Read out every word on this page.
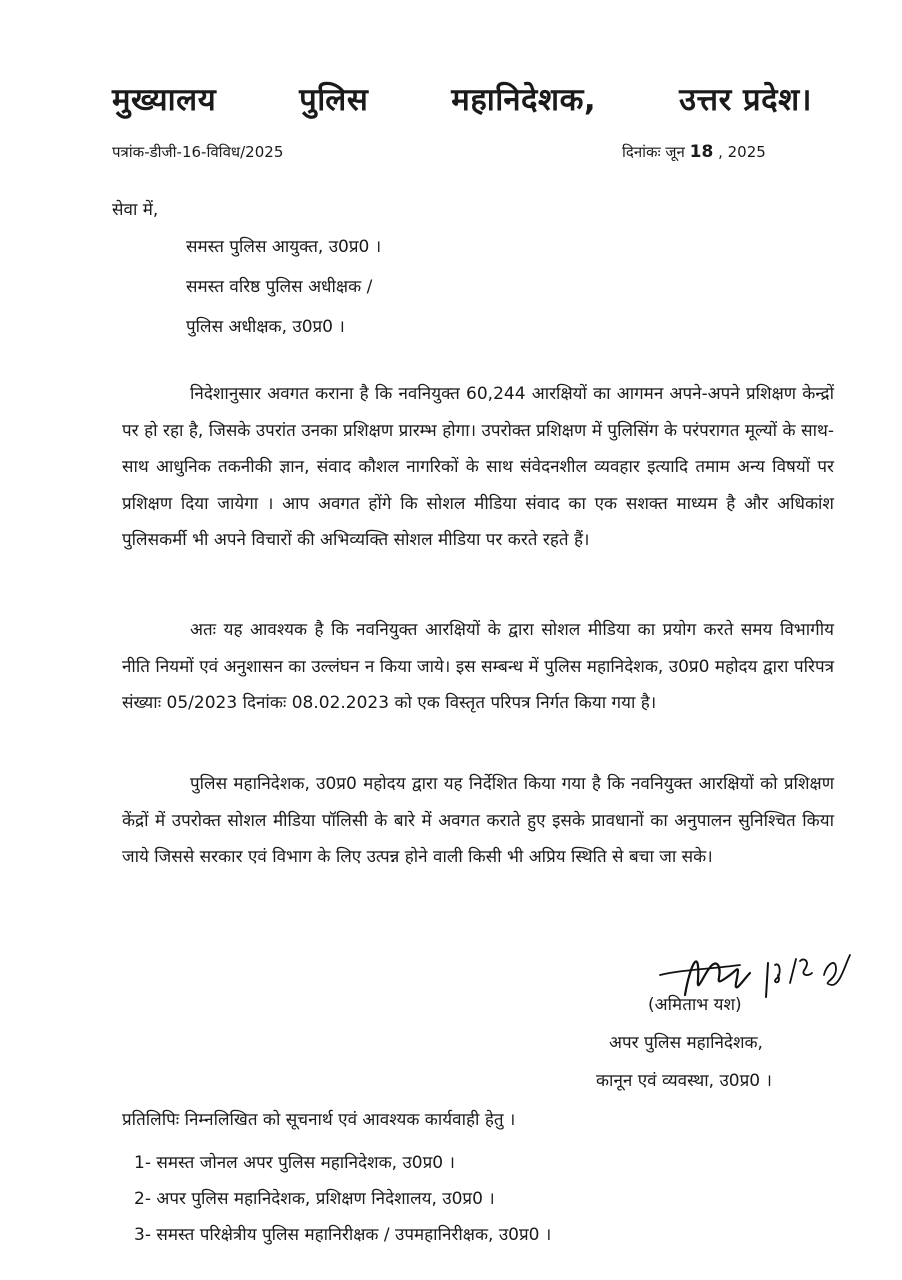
मुख्यालय	पुलिस	महानिदेशक,	उत्तर प्रदेश।
पत्रांक-डीजी-16-विविध/2025	दिनांकः जून 18 , 2025
सेवा में,
समस्त पुलिस आयुक्त, उ0प्र0 ।
समस्त वरिष्ठ पुलिस अधीक्षक /
पुलिस अधीक्षक, उ0प्र0 ।
निदेशानुसार अवगत कराना है कि नवनियुक्त 60,244 आरक्षियों का आगमन अपने-अपने प्रशिक्षण केन्द्रों पर हो रहा है, जिसके उपरांत उनका प्रशिक्षण प्रारम्भ होगा। उपरोक्त प्रशिक्षण में पुलिसिंग के परंपरागत मूल्यों के साथ-साथ आधुनिक तकनीकी ज्ञान, संवाद कौशल नागरिकों के साथ संवेदनशील व्यवहार इत्यादि तमाम अन्य विषयों पर प्रशिक्षण दिया जायेगा । आप अवगत होंगे कि सोशल मीडिया संवाद का एक सशक्त माध्यम है और अधिकांश पुलिसकर्मी भी अपने विचारों की अभिव्यक्ति सोशल मीडिया पर करते रहते हैं।
अतः यह आवश्यक है कि नवनियुक्त आरक्षियों के द्वारा सोशल मीडिया का प्रयोग करते समय विभागीय नीति नियमों एवं अनुशासन का उल्लंघन न किया जाये। इस सम्बन्ध में पुलिस महानिदेशक, उ0प्र0 महोदय द्वारा परिपत्र संख्याः 05/2023 दिनांकः 08.02.2023 को एक विस्तृत परिपत्र निर्गत किया गया है।
पुलिस महानिदेशक, उ0प्र0 महोदय द्वारा यह निर्देशित किया गया है कि नवनियुक्त आरक्षियों को प्रशिक्षण केंद्रों में उपरोक्त सोशल मीडिया पॉलिसी के बारे में अवगत कराते हुए इसके प्रावधानों का अनुपालन सुनिश्चित किया जाये जिससे सरकार एवं विभाग के लिए उत्पन्न होने वाली किसी भी अप्रिय स्थिति से बचा जा सके।
(अमिताभ यश)
अपर पुलिस महानिदेशक,
कानून एवं व्यवस्था, उ0प्र0 ।
प्रतिलिपिः निम्नलिखित को सूचनार्थ एवं आवश्यक कार्यवाही हेतु ।
1- समस्त जोनल अपर पुलिस महानिदेशक, उ0प्र0 ।
2- अपर पुलिस महानिदेशक, प्रशिक्षण निदेशालय, उ0प्र0 ।
3- समस्त परिक्षेत्रीय पुलिस महानिरीक्षक / उपमहानिरीक्षक, उ0प्र0 ।
